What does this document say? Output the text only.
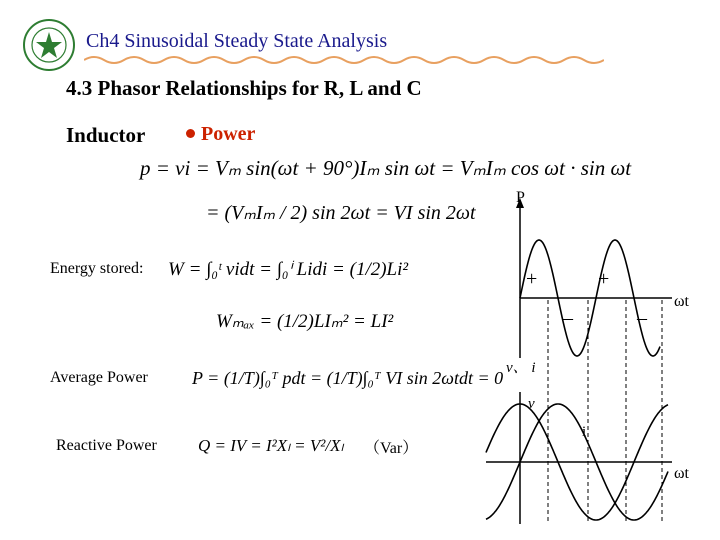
Ch4 Sinusoidal Steady State Analysis
4.3 Phasor Relationships for R, L and C
Inductor	Power
p = vi = Vₘ sin(ωt + 90°)Iₘ sin ωt = VₘIₘ cos ωt · sin ωt
= (VₘIₘ / 2) sin 2ωt = VI sin 2ωt
Energy stored: W = ∫₀ᵗ vidt = ∫₀ⁱ Lidi = (1/2)Li²
Wₘₐₓ = (1/2)LIₘ² = LI²
Average Power P = (1/T)∫₀ᵀ pdt = (1/T)∫₀ᵀ VI sin 2ωtdt = 0
Reactive Power Q = IV = I²Xₗ = V²/Xₗ （Var）
P
ωt
+	+
–	–
v、 i
v
i
ωt
